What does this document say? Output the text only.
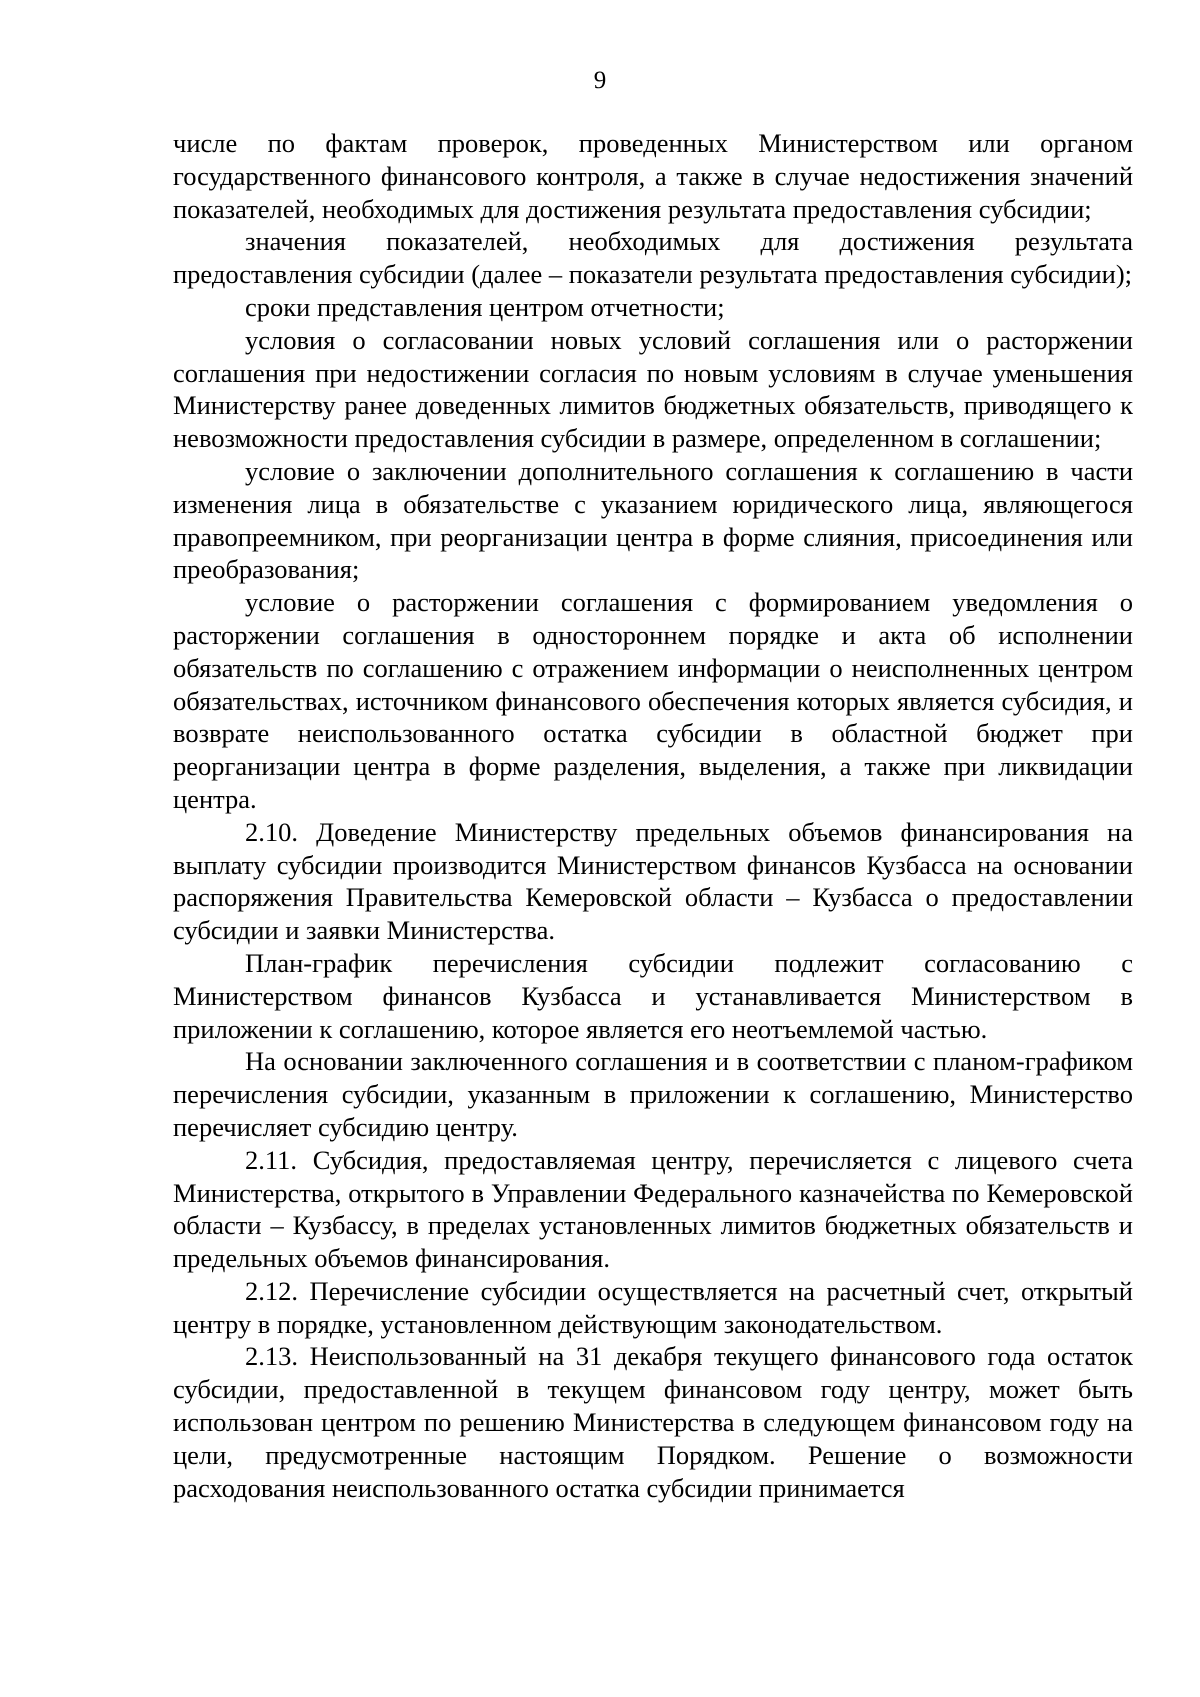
9

числе по фактам проверок, проведенных Министерством или органом государственного финансового контроля, а также в случае недостижения значений показателей, необходимых для достижения результата предоставления субсидии;

значения показателей, необходимых для достижения результата предоставления субсидии (далее – показатели результата предоставления субсидии);

сроки представления центром отчетности;

условия о согласовании новых условий соглашения или о расторжении соглашения при недостижении согласия по новым условиям в случае уменьшения Министерству ранее доведенных лимитов бюджетных обязательств, приводящего к невозможности предоставления субсидии в размере, определенном в соглашении;

условие о заключении дополнительного соглашения к соглашению в части изменения лица в обязательстве с указанием юридического лица, являющегося правопреемником, при реорганизации центра в форме слияния, присоединения или преобразования;

условие о расторжении соглашения с формированием уведомления о расторжении соглашения в одностороннем порядке и акта об исполнении обязательств по соглашению с отражением информации о неисполненных центром обязательствах, источником финансового обеспечения которых является субсидия, и возврате неиспользованного остатка субсидии в областной бюджет при реорганизации центра в форме разделения, выделения, а также при ликвидации центра.

2.10. Доведение Министерству предельных объемов финансирования на выплату субсидии производится Министерством финансов Кузбасса на основании распоряжения Правительства Кемеровской области – Кузбасса о предоставлении субсидии и заявки Министерства.

План-график перечисления субсидии подлежит согласованию с Министерством финансов Кузбасса и устанавливается Министерством в приложении к соглашению, которое является его неотъемлемой частью.

На основании заключенного соглашения и в соответствии с планом-графиком перечисления субсидии, указанным в приложении к соглашению, Министерство перечисляет субсидию центру.

2.11. Субсидия, предоставляемая центру, перечисляется с лицевого счета Министерства, открытого в Управлении Федерального казначейства по Кемеровской области – Кузбассу, в пределах установленных лимитов бюджетных обязательств и предельных объемов финансирования.

2.12. Перечисление субсидии осуществляется на расчетный счет, открытый центру в порядке, установленном действующим законодательством.

2.13. Неиспользованный на 31 декабря текущего финансового года остаток субсидии, предоставленной в текущем финансовом году центру, может быть использован центром по решению Министерства в следующем финансовом году на цели, предусмотренные настоящим Порядком. Решение о возможности расходования неиспользованного остатка субсидии принимается
